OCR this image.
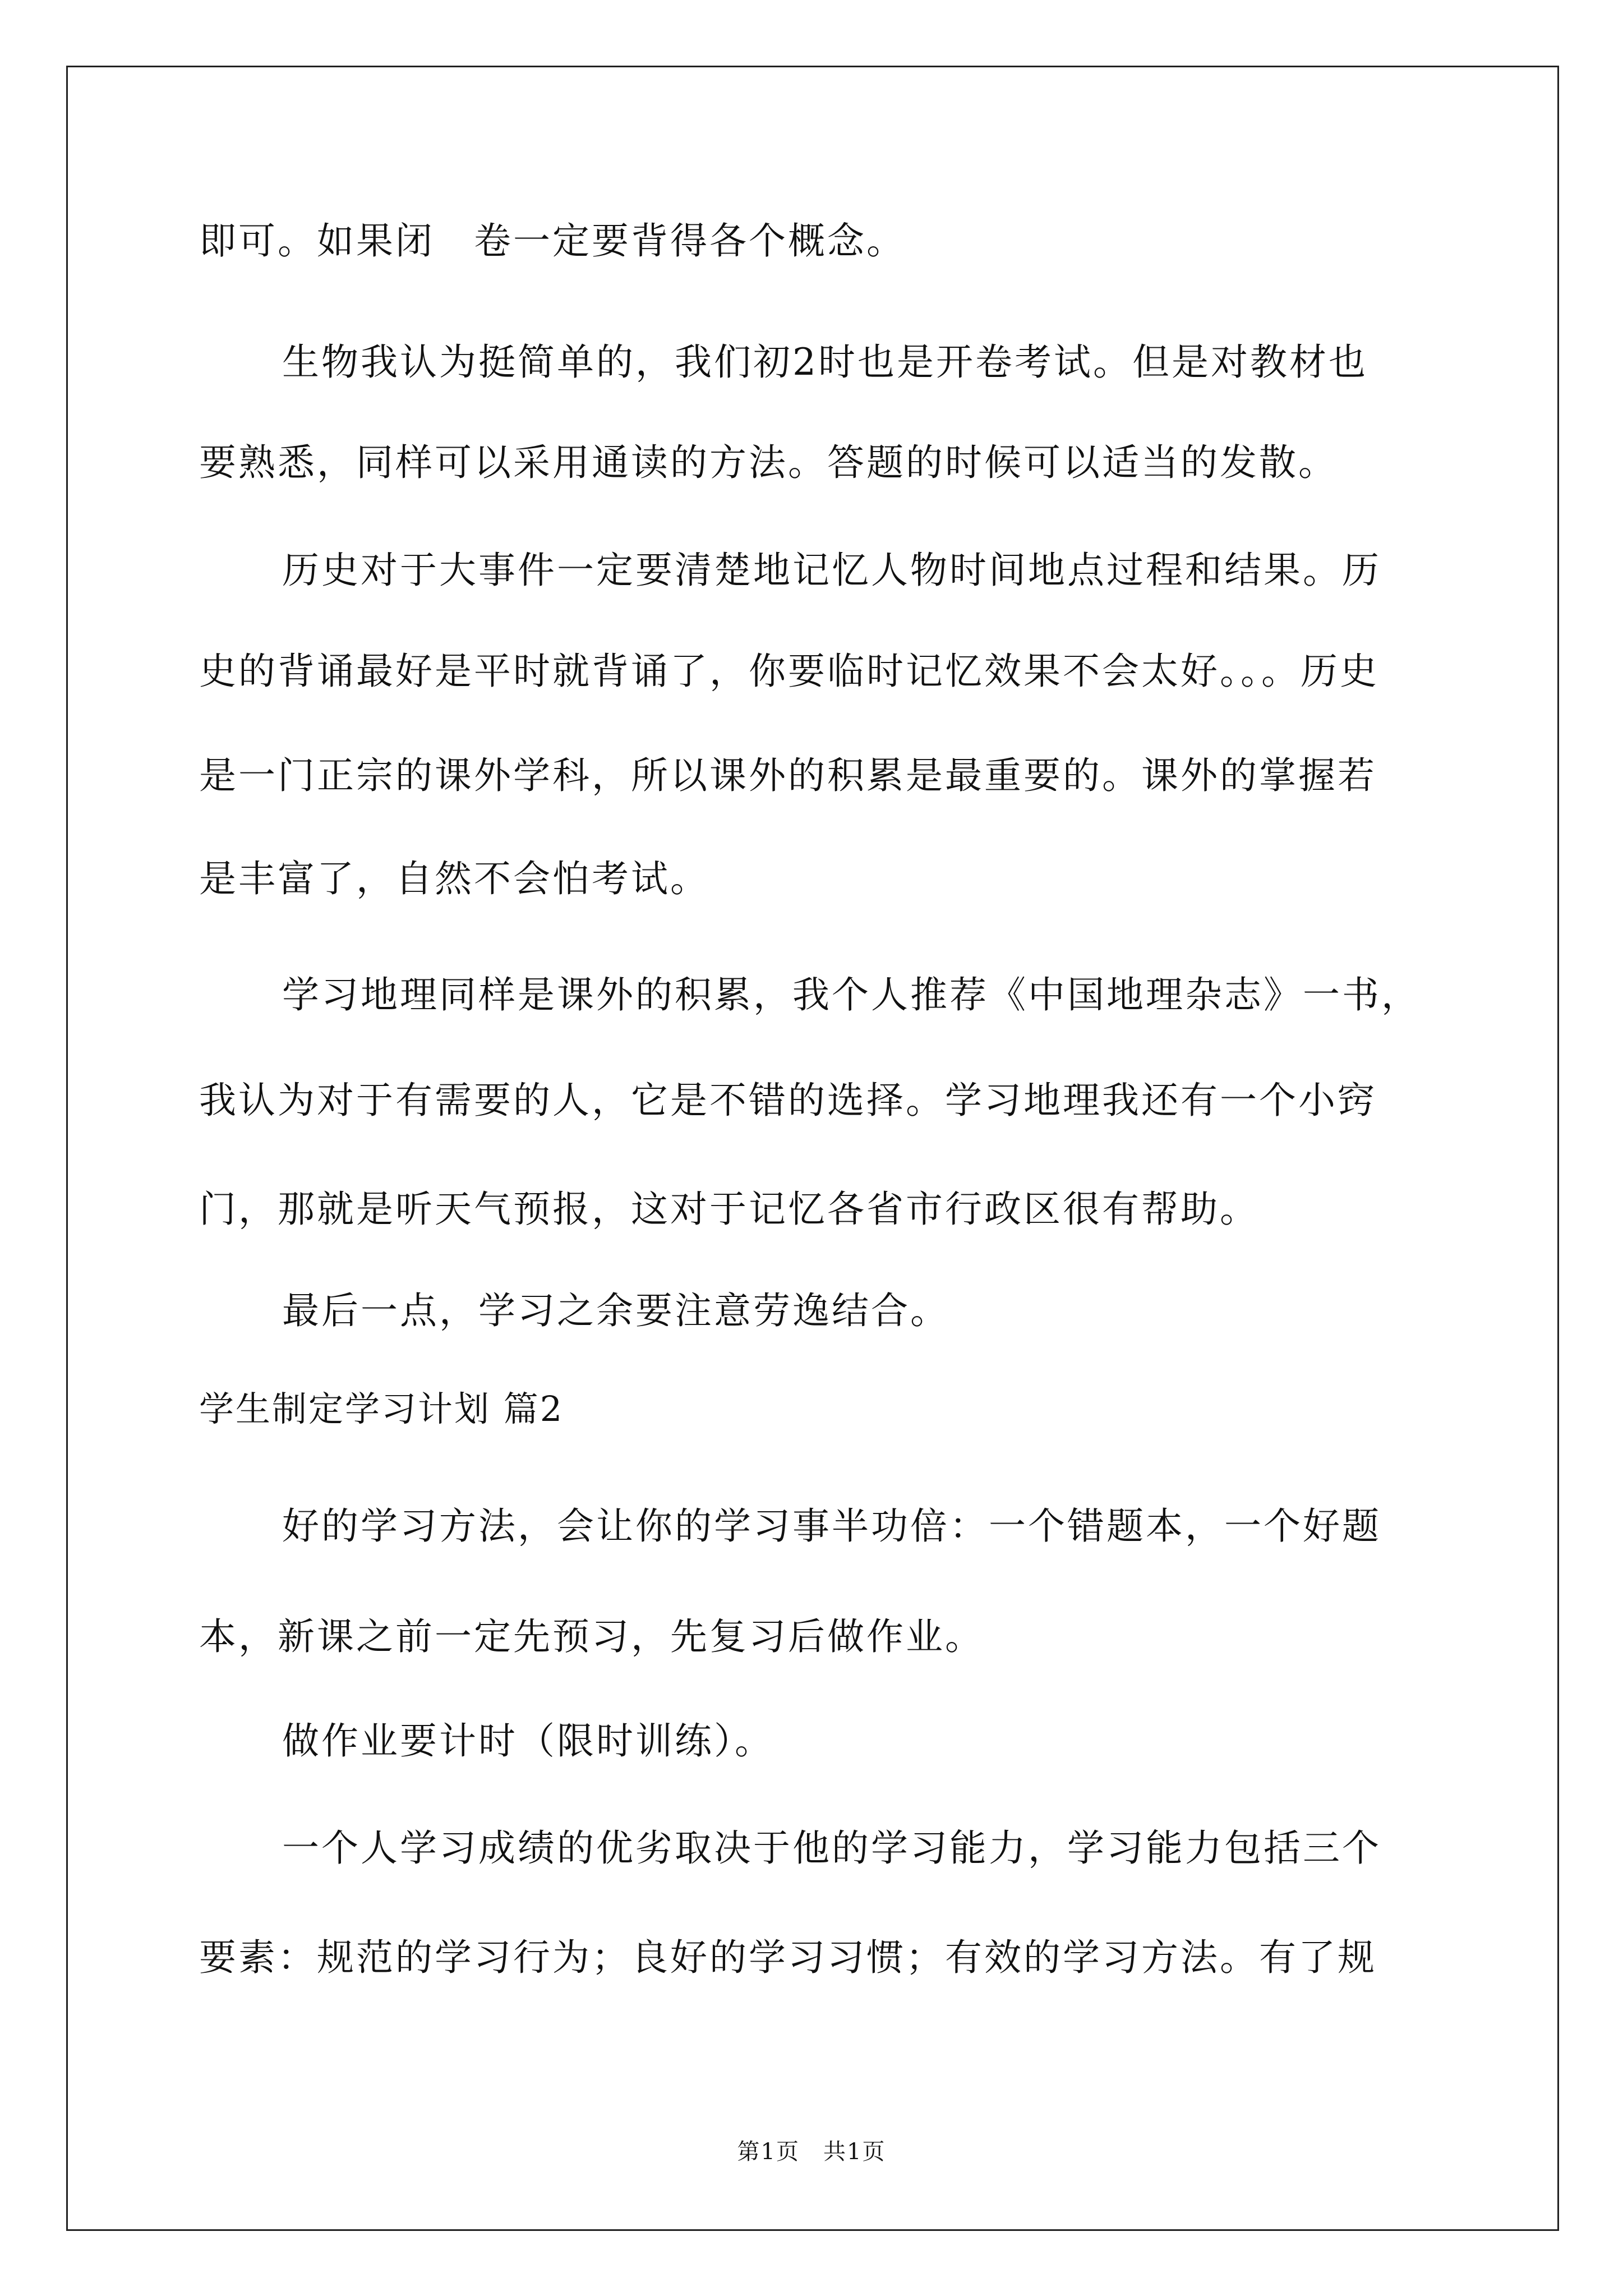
即可。如果闭　卷一定要背得各个概念。
生物我认为挺简单的，我们初2时也是开卷考试。但是对教材也
要熟悉，同样可以采用通读的方法。答题的时候可以适当的发散。
历史对于大事件一定要清楚地记忆人物时间地点过程和结果。历
史的背诵最好是平时就背诵了，你要临时记忆效果不会太好。。。历史
是一门正宗的课外学科，所以课外的积累是最重要的。课外的掌握若
是丰富了，自然不会怕考试。
学习地理同样是课外的积累，我个人推荐《中国地理杂志》一书，
我认为对于有需要的人，它是不错的选择。学习地理我还有一个小窍
门，那就是听天气预报，这对于记忆各省市行政区很有帮助。
最后一点，学习之余要注意劳逸结合。
学生制定学习计划 篇2
好的学习方法，会让你的学习事半功倍：一个错题本，一个好题
本，新课之前一定先预习，先复习后做作业。
做作业要计时（限时训练）。
一个人学习成绩的优劣取决于他的学习能力，学习能力包括三个
要素：规范的学习行为；良好的学习习惯；有效的学习方法。有了规
第1页　共1页
